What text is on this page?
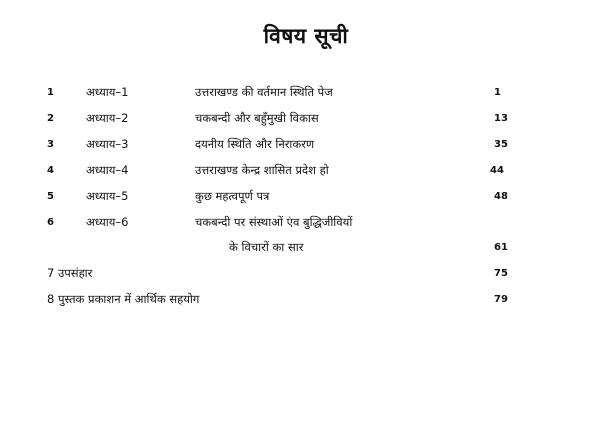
विषय सूची
1	अध्याय–1	उत्तराखण्ड की वर्तमान स्थिति पेज	1
2	अध्याय–2	चकबन्दी और बहुँमुखी विकास	13
3	अध्याय–3	दयनीय स्थिति और निराकरण	35
4	अध्याय–4	उत्तराखण्ड केन्द्र शासित प्रदेश हो	44
5	अध्याय–5	कुछ महत्वपूर्ण पत्र	48
6	अध्याय–6	चकबन्दी पर संस्थाओं एंव बुद्धिजीवियों
के विचारों का सार	61
7 उपसंहार	75
8 पुस्तक प्रकाशन में आर्थिक सहयोग	79
